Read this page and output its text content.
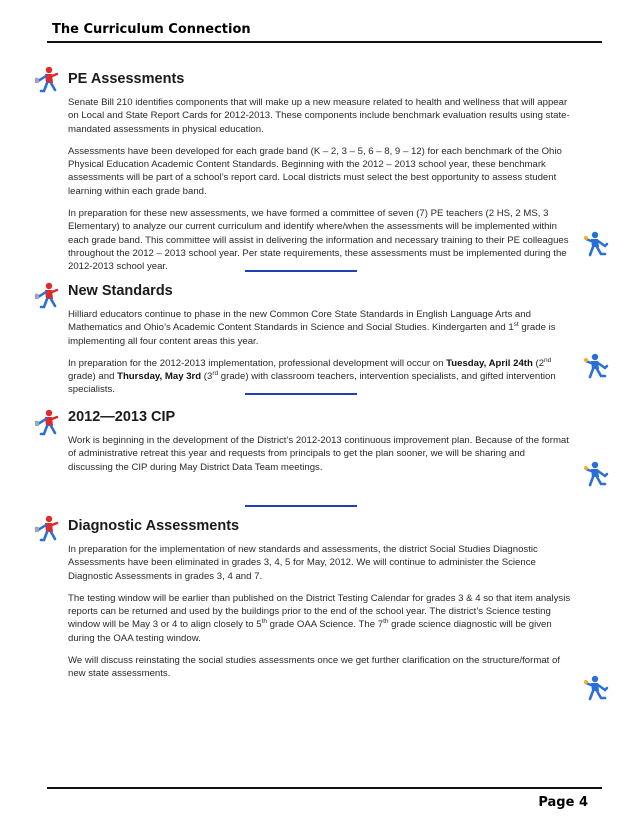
The Curriculum Connection
PE Assessments

Senate Bill 210 identifies components that will make up a new measure related to health and wellness that will appear on Local and State Report Cards for 2012-2013. These components include benchmark evaluation results using state-mandated assessments in physical education.

Assessments have been developed for each grade band (K – 2, 3 – 5, 6 – 8, 9 – 12) for each benchmark of the Ohio Physical Education Academic Content Standards. Beginning with the 2012 – 2013 school year, these benchmark assessments will be part of a school’s report card. Local districts must select the best opportunity to assess student learning within each grade band.

In preparation for these new assessments, we have formed a committee of seven (7) PE teachers (2 HS, 2 MS, 3 Elementary) to analyze our current curriculum and identify where/when the assessments will be implemented within each grade band. This committee will assist in delivering the information and necessary training to their PE colleagues throughout the 2012 – 2013 school year. Per state requirements, these assessments must be implemented during the 2012-2013 school year.

New Standards

Hilliard educators continue to phase in the new Common Core State Standards in English Language Arts and Mathematics and Ohio’s Academic Content Standards in Science and Social Studies. Kindergarten and 1st grade is implementing all four content areas this year.

In preparation for the 2012-2013 implementation, professional development will occur on Tuesday, April 24th (2nd grade) and Thursday, May 3rd (3rd grade) with classroom teachers, intervention specialists, and gifted intervention specialists.

2012—2013 CIP

Work is beginning in the development of the District’s 2012-2013 continuous improvement plan. Because of the format of administrative retreat this year and requests from principals to get the plan sooner, we will be sharing and discussing the CIP during May District Data Team meetings.

Diagnostic Assessments

In preparation for the implementation of new standards and assessments, the district Social Studies Diagnostic Assessments have been eliminated in grades 3, 4, 5 for May, 2012. We will continue to administer the Science Diagnostic Assessments in grades 3, 4 and 7.

The testing window will be earlier than published on the District Testing Calendar for grades 3 & 4 so that item analysis reports can be returned and used by the buildings prior to the end of the school year. The district’s Science testing window will be May 3 or 4 to align closely to 5th grade OAA Science. The 7th grade science diagnostic will be given during the OAA testing window.

We will discuss reinstating the social studies assessments once we get further clarification on the structure/format of new state assessments.

Page 4
